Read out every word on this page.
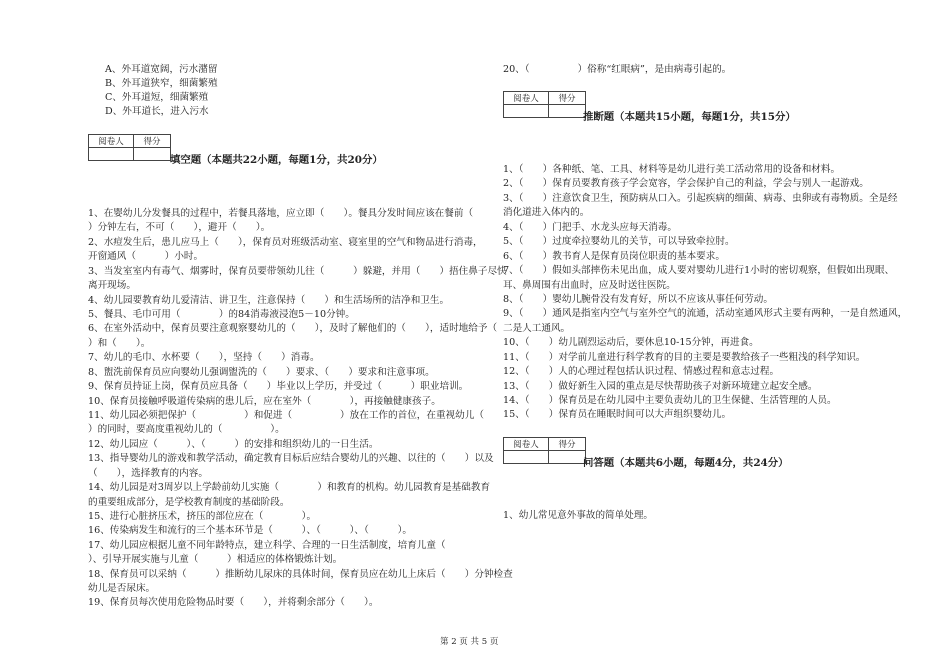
A、外耳道宽阔，污水潴留
B、外耳道狭窄，细菌繁殖
C、外耳道短，细菌繁殖
D、外耳道长，进入污水
阅卷人	得分

填空题（本题共22小题，每题1分，共20分）
1、在婴幼儿分发餐具的过程中，若餐具落地，应立即（　　）。餐具分发时间应该在餐前（
）分钟左右，不可（　　），避开（　　）。
2、水痘发生后，患儿应马上（　　），保育员对班级活动室、寝室里的空气和物品进行消毒，
开窗通风（　　　）小时。
3、当发室室内有毒气、烟雾时，保育员要带领幼儿往（　　　）躲避，并用（　　）捂住鼻子尽快
离开现场。
4、幼儿园要教育幼儿爱清洁、讲卫生，注意保持（　　）和生活场所的洁净和卫生。
5、餐具、毛巾可用（　　　　）的84消毒液浸泡5－10分钟。
6、在室外活动中，保育员要注意观察婴幼儿的（　　），及时了解他们的（　　），适时地给予（
）和（　　）。
7、幼儿的毛巾、水杯要（　　），坚持（　　）消毒。
8、盥洗前保育员应向婴幼儿强调盥洗的（　　）要求、（　　）要求和注意事项。
9、保育员持证上岗，保育员应具备（　　）毕业以上学历，并受过（　　　）职业培训。
10、保育员接触呼吸道传染病的患儿后，应在室外（　　　　），再接触健康孩子。
11、幼儿园必须把保护（　　　　　）和促进（　　　　　）放在工作的首位，在重视幼儿（
）的同时，要高度重视幼儿的（　　　　　）。
12、幼儿园应（　　　）、（　　　）的安排和组织幼儿的一日生活。
13、指导婴幼儿的游戏和教学活动，确定教育目标后应结合婴幼儿的兴趣、以往的（　　）以及
（　　），选择教育的内容。
14、幼儿园是对3周岁以上学龄前幼儿实施（　　　　）和教育的机构。幼儿园教育是基础教育
的重要组成部分，是学校教育制度的基础阶段。
15、进行心脏挤压术，挤压的部位应在（　　　　）。
16、传染病发生和流行的三个基本环节是（　　　）、（　　　）、（　　　）。
17、幼儿园应根据儿童不同年龄特点，建立科学、合理的一日生活制度，培育儿童（
）、引导开展实施与儿童（　　　）相适应的体格锻炼计划。
18、保育员可以采纳（　　　）推断幼儿尿床的具体时间，保育员应在幼儿上床后（　　）分钟检查
幼儿是否尿床。
19、保育员每次使用危险物品时要（　　），并将剩余部分（　　）。
20、（　　　　　）俗称“红眼病”，是由病毒引起的。
阅卷人	得分

推断题（本题共15小题，每题1分，共15分）
1、（　　）各种纸、笔、工具、材料等是幼儿进行美工活动常用的设备和材料。
2、（　　）保育员要教育孩子学会宽容，学会保护自己的利益，学会与别人一起游戏。
3、（　　）注意饮食卫生，预防病从口入。引起疾病的细菌、病毒、虫卵或有毒物质。全是经
消化道进入体内的。
4、（　　）门把手、水龙头应每天消毒。
5、（　　）过度牵拉婴幼儿的关节，可以导致牵拉肘。
6、（　　）教书育人是保育员岗位职责的基本要求。
7、（　　）假如头部摔伤未见出血，成人要对婴幼儿进行1小时的密切观察，但假如出现眼、
耳、鼻周围有出血时，应及时送往医院。
8、（　　）婴幼儿腕骨没有发育好，所以不应该从事任何劳动。
9、（　　）通风是指室内空气与室外空气的流通，活动室通风形式主要有两种，一是自然通风，
二是人工通风。
10、（　　）幼儿剧烈运动后，要休息10-15分钟，再进食。
11、（　　）对学前儿童进行科学教育的目的主要是要教给孩子一些粗浅的科学知识。
12、（　　）人的心理过程包括认识过程、情感过程和意志过程。
13、（　　）做好新生入园的重点是尽快帮助孩子对新环境建立起安全感。
14、（　　）保育员是在幼儿园中主要负责幼儿的卫生保健、生活管理的人员。
15、（　　）保育员在睡眠时间可以大声组织婴幼儿。
阅卷人	得分

问答题（本题共6小题，每题4分，共24分）
1、幼儿常见意外事故的简单处理。
第 2 页 共 5 页
